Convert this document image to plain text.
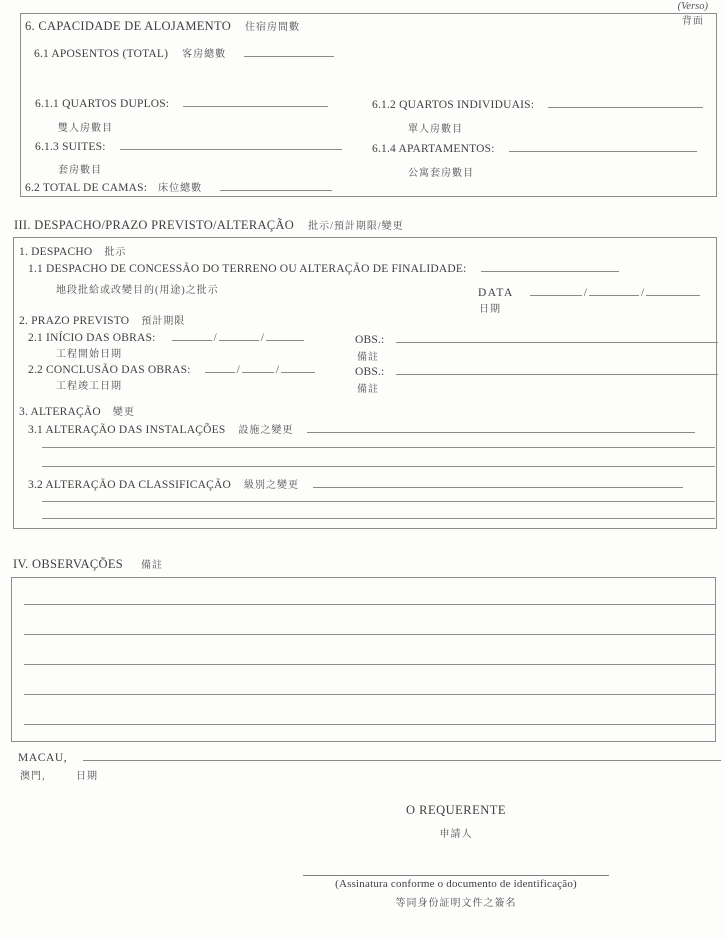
(Verso)
背面
6. CAPACIDADE DE ALOJAMENTO 住宿房間數
6.1 APOSENTOS (TOTAL) 客房總數
6.1.1 QUARTOS DUPLOS:	6.1.2 QUARTOS INDIVIDUAIS:
雙人房數目	單人房數目
6.1.3 SUITES:	6.1.4 APARTAMENTOS:
套房數目	公寓套房數目
6.2 TOTAL DE CAMAS: 床位總數
III. DESPACHO/PRAZO PREVISTO/ALTERAÇÃO 批示/預計期限/變更
1. DESPACHO 批示
1.1 DESPACHO DE CONCESSÃO DO TERRENO OU ALTERAÇÃO DE FINALIDADE:
地段批給或改變目的(用途)之批示	DATA	/	/
日期
2. PRAZO PREVISTO 預計期限
2.1 INÍCIO DAS OBRAS:	/	/	OBS.:
工程開始日期	備註
2.2 CONCLUSÃO DAS OBRAS:	/	/	OBS.:
工程竣工日期	備註
3. ALTERAÇÃO 變更
3.1 ALTERAÇÃO DAS INSTALAÇÕES 設施之變更
3.2 ALTERAÇÃO DA CLASSIFICAÇÃO 級別之變更
IV. OBSERVAÇÕES 備註
MACAU,
澳門,	日期
O REQUERENTE
申請人
(Assinatura conforme o documento de identificação)
等同身份証明文件之簽名
